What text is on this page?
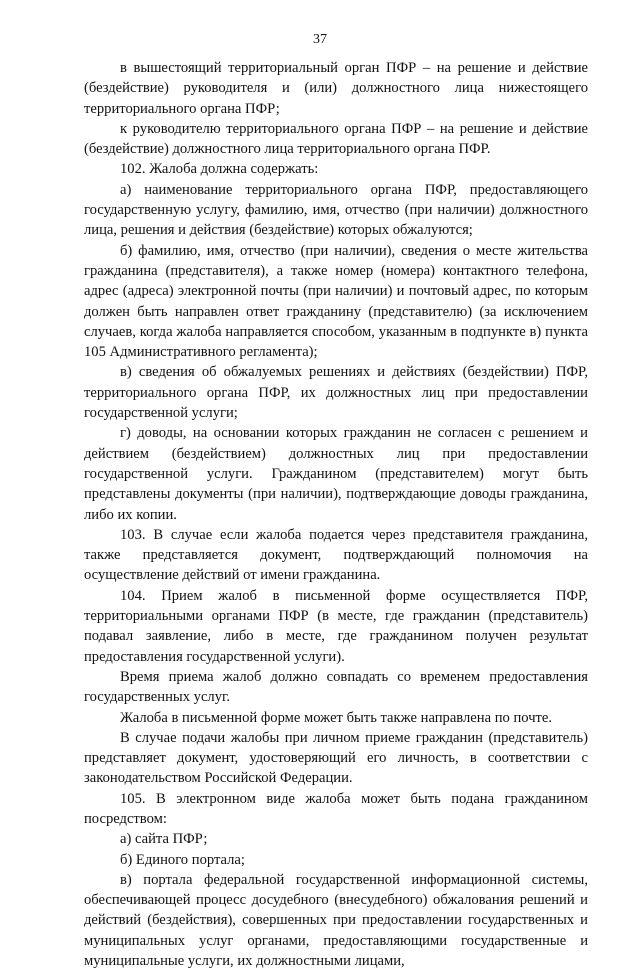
37

в вышестоящий территориальный орган ПФР – на решение и действие (бездействие) руководителя и (или) должностного лица нижестоящего территориального органа ПФР;

к руководителю территориального органа ПФР – на решение и действие (бездействие) должностного лица территориального органа ПФР.

102. Жалоба должна содержать:

а) наименование территориального органа ПФР, предоставляющего государственную услугу, фамилию, имя, отчество (при наличии) должностного лица, решения и действия (бездействие) которых обжалуются;

б) фамилию, имя, отчество (при наличии), сведения о месте жительства гражданина (представителя), а также номер (номера) контактного телефона, адрес (адреса) электронной почты (при наличии) и почтовый адрес, по которым должен быть направлен ответ гражданину (представителю) (за исключением случаев, когда жалоба направляется способом, указанным в подпункте в) пункта 105 Административного регламента);

в) сведения об обжалуемых решениях и действиях (бездействии) ПФР, территориального органа ПФР, их должностных лиц при предоставлении государственной услуги;

г) доводы, на основании которых гражданин не согласен с решением и действием (бездействием) должностных лиц при предоставлении государственной услуги. Гражданином (представителем) могут быть представлены документы (при наличии), подтверждающие доводы гражданина, либо их копии.

103. В случае если жалоба подается через представителя гражданина, также представляется документ, подтверждающий полномочия на осуществление действий от имени гражданина.

104. Прием жалоб в письменной форме осуществляется ПФР, территориальными органами ПФР (в месте, где гражданин (представитель) подавал заявление, либо в месте, где гражданином получен результат предоставления государственной услуги).

Время приема жалоб должно совпадать со временем предоставления государственных услуг.

Жалоба в письменной форме может быть также направлена по почте.

В случае подачи жалобы при личном приеме гражданин (представитель) представляет документ, удостоверяющий его личность, в соответствии с законодательством Российской Федерации.

105. В электронном виде жалоба может быть подана гражданином посредством:

а) сайта ПФР;

б) Единого портала;

в) портала федеральной государственной информационной системы, обеспечивающей процесс досудебного (внесудебного) обжалования решений и действий (бездействия), совершенных при предоставлении государственных и муниципальных услуг органами, предоставляющими государственные и муниципальные услуги, их должностными лицами,
